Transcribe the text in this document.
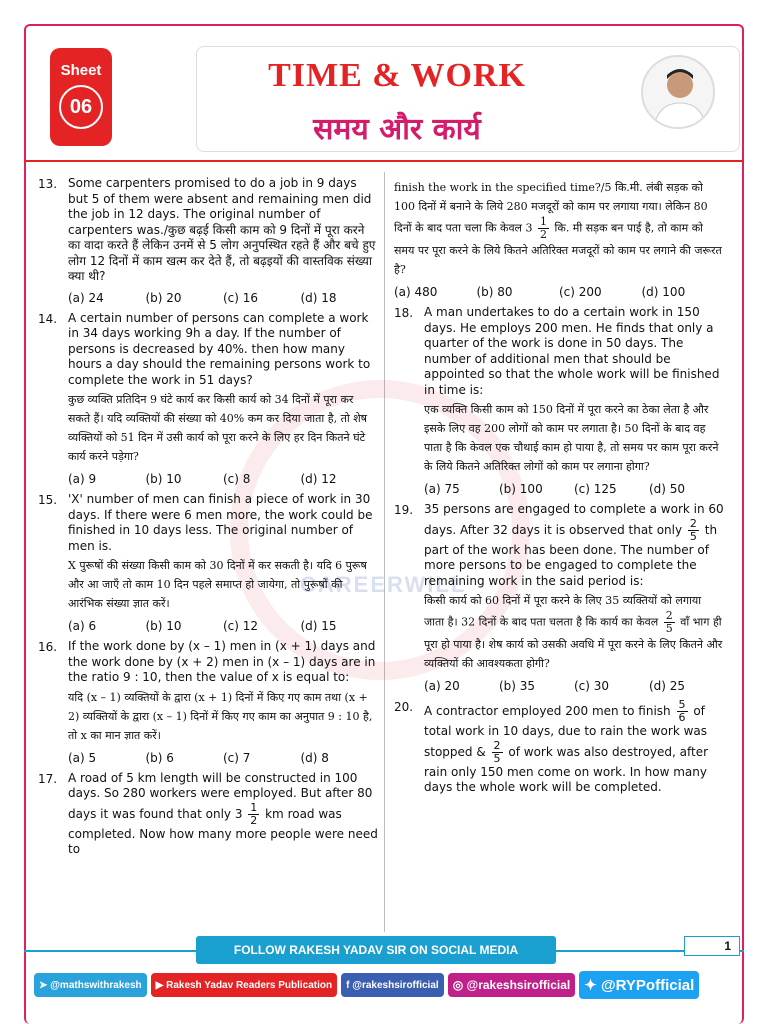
Sheet
06
TIME & WORK
समय और कार्य
CAREERWILL
13. Some carpenters promised to do a job in 9 days but 5 of them were absent and remaining men did the job in 12 days. The original number of carpenters was./कुछ बढ़ई किसी काम को 9 दिनों में पूरा करने का वादा करते हैं लेकिन उनमें से 5 लोग अनुपस्थित रहते हैं और बचे हुए लोग 12 दिनों में काम खत्म कर देते हैं, तो बढ़इयों की वास्तविक संख्या क्या थी?
(a) 24	(b) 20	(c) 16	(d) 18
14. A certain number of persons can complete a work in 34 days working 9h a day. If the number of persons is decreased by 40%. then how many hours a day should the remaining persons work to complete the work in 51 days?
कुछ व्यक्ति प्रतिदिन 9 घंटे कार्य कर किसी कार्य को 34 दिनों में पूरा कर सकते हैं। यदि व्यक्तियों की संख्या को 40% कम कर दिया जाता है, तो शेष व्यक्तियों को 51 दिन में उसी कार्य को पूरा करने के लिए हर दिन कितने घंटे कार्य करने पड़ेगा?
(a) 9	(b) 10	(c) 8	(d) 12
15. 'X' number of men can finish a piece of work in 30 days. If there were 6 men more, the work could be finished in 10 days less. The original number of men is.
X पुरूषों की संख्या किसी काम को 30 दिनों में कर सकती है। यदि 6 पुरूष और आ जाएँ तो काम 10 दिन पहले समाप्त हो जायेगा, तो पुरूषों की आरंभिक संख्या ज्ञात करें।
(a) 6	(b) 10	(c) 12	(d) 15
16. If the work done by (x – 1) men in (x + 1) days and the work done by (x + 2) men in (x – 1) days are in the ratio 9 : 10, then the value of x is equal to:
यदि (x – 1) व्यक्तियों के द्वारा (x + 1) दिनों में किए गए काम तथा (x + 2) व्यक्तियों के द्वारा (x – 1) दिनों में किए गए काम का अनुपात 9 : 10 है, तो x का मान ज्ञात करें।
(a) 5	(b) 6	(c) 7	(d) 8
17. A road of 5 km length will be constructed in 100 days. So 280 workers were employed. But after 80 days it was found that only $3 \frac{1}{2}$ km road was completed. Now how many more people were need to
finish the work in the specified time?/5 कि.मी. लंबी सड़क को 100 दिनों में बनाने के लिये 280 मजदूरों को काम पर लगाया गया। लेकिन 80 दिनों के बाद पता चला कि केवल $3 \frac{1}{2}$ कि. मी सड़क बन पाई है, तो काम को समय पर पूरा करने के लिये कितने अतिरिक्त मजदूरों को काम पर लगाने की जरूरत है?
(a) 480	(b) 80	(c) 200	(d) 100
18. A man undertakes to do a certain work in 150 days. He employs 200 men. He finds that only a quarter of the work is done in 50 days. The number of additional men that should be appointed so that the whole work will be finished in time is:
एक व्यक्ति किसी काम को 150 दिनों में पूरा करने का ठेका लेता है और इसके लिए वह 200 लोगों को काम पर लगाता है। 50 दिनों के बाद वह पाता है कि केवल एक चौथाई काम हो पाया है, तो समय पर काम पूरा करने के लिये कितने अतिरिक्त लोगों को काम पर लगाना होगा?
(a) 75	(b) 100	(c) 125	(d) 50
19. 35 persons are engaged to complete a work in 60 days. After 32 days it is observed that only $\frac{2}{5}$ th part of the work has been done. The number of more persons to be engaged to complete the remaining work in the said period is:
किसी कार्य को 60 दिनों में पूरा करने के लिए 35 व्यक्तियों को लगाया जाता है। 32 दिनों के बाद पता चलता है कि कार्य का केवल $\frac{2}{5}$ वाँ भाग ही पूरा हो पाया है। शेष कार्य को उसकी अवधि में पूरा करने के लिए कितने और व्यक्तियों की आवश्यकता होगी?
(a) 20	(b) 35	(c) 30	(d) 25
20. A contractor employed 200 men to finish $\frac{5}{6}$ of total work in 10 days, due to rain the work was stopped & $\frac{2}{5}$ of work was also destroyed, after rain only 150 men come on work. In how many days the whole work will be completed.
FOLLOW RAKESH YADAV SIR ON SOCIAL MEDIA	1
➤ @mathswithrakesh ▶ Rakesh Yadav Readers Publication f @rakeshsirofficial ◎ @rakeshsirofficial ✦ @RYPofficial
